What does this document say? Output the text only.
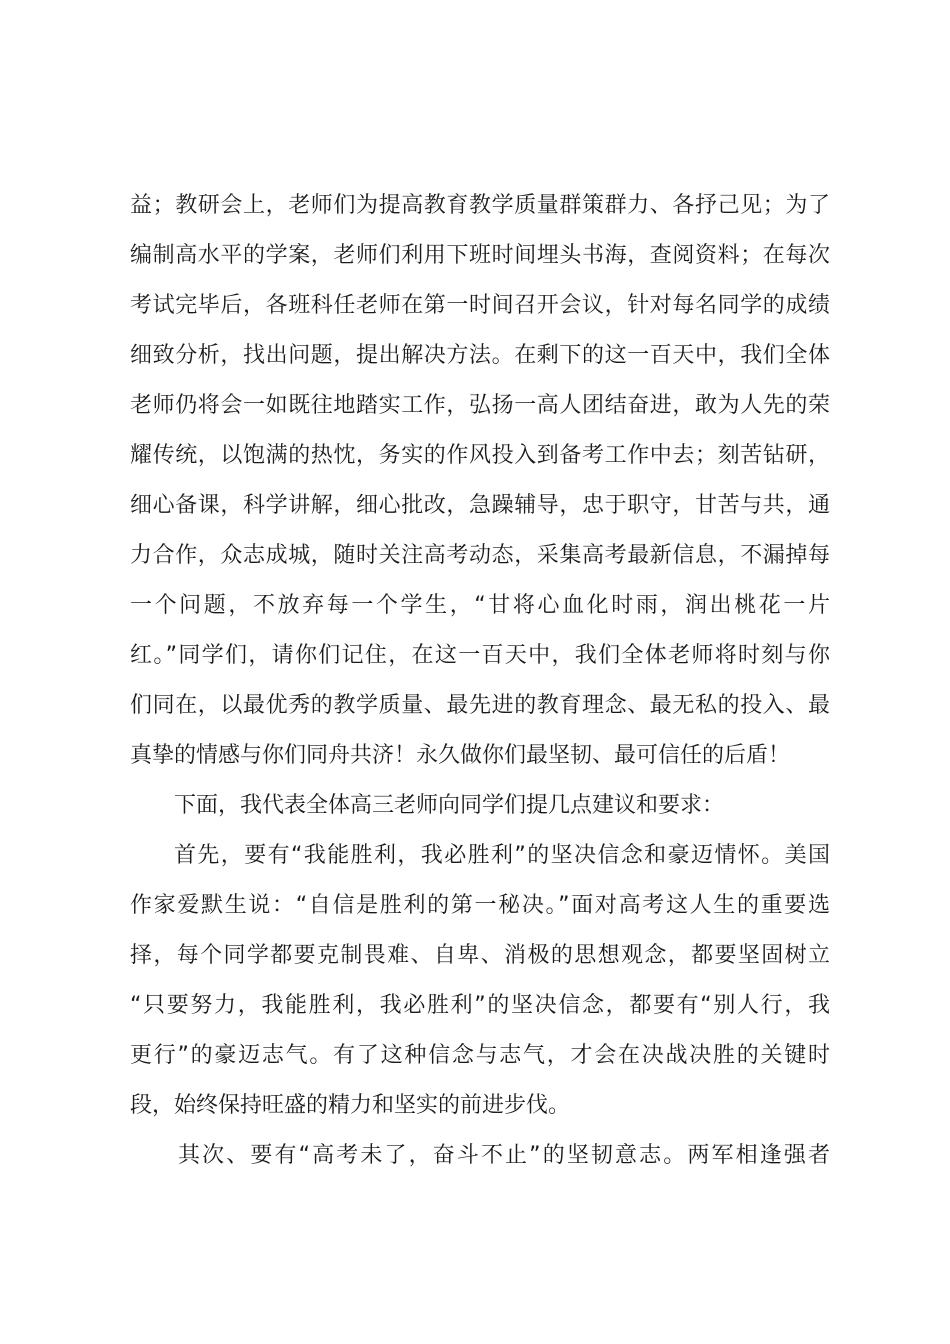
益；教研会上，老师们为提高教育教学质量群策群力、各抒己见；为了
编制高水平的学案，老师们利用下班时间埋头书海，查阅资料；在每次
考试完毕后，各班科任老师在第一时间召开会议，针对每名同学的成绩
细致分析，找出问题，提出解决方法。在剩下的这一百天中，我们全体
老师仍将会一如既往地踏实工作，弘扬一高人团结奋进，敢为人先的荣
耀传统，以饱满的热忱，务实的作风投入到备考工作中去；刻苦钻研，
细心备课，科学讲解，细心批改，急躁辅导，忠于职守，甘苦与共，通
力合作，众志成城，随时关注高考动态，采集高考最新信息，不漏掉每
一个问题，不放弃每一个学生，“甘将心血化时雨，润出桃花一片
红。”同学们，请你们记住，在这一百天中，我们全体老师将时刻与你
们同在，以最优秀的教学质量、最先进的教育理念、最无私的投入、最
真挚的情感与你们同舟共济！永久做你们最坚韧、最可信任的后盾！
下面，我代表全体高三老师向同学们提几点建议和要求：
首先，要有“我能胜利，我必胜利”的坚决信念和豪迈情怀。美国
作家爱默生说：“自信是胜利的第一秘决。”面对高考这人生的重要选
择，每个同学都要克制畏难、自卑、消极的思想观念，都要坚固树立
“只要努力，我能胜利，我必胜利”的坚决信念，都要有“别人行，我
更行”的豪迈志气。有了这种信念与志气，才会在决战决胜的关键时
段，始终保持旺盛的精力和坚实的前进步伐。
其次、要有“高考未了，奋斗不止”的坚韧意志。两军相逢强者
